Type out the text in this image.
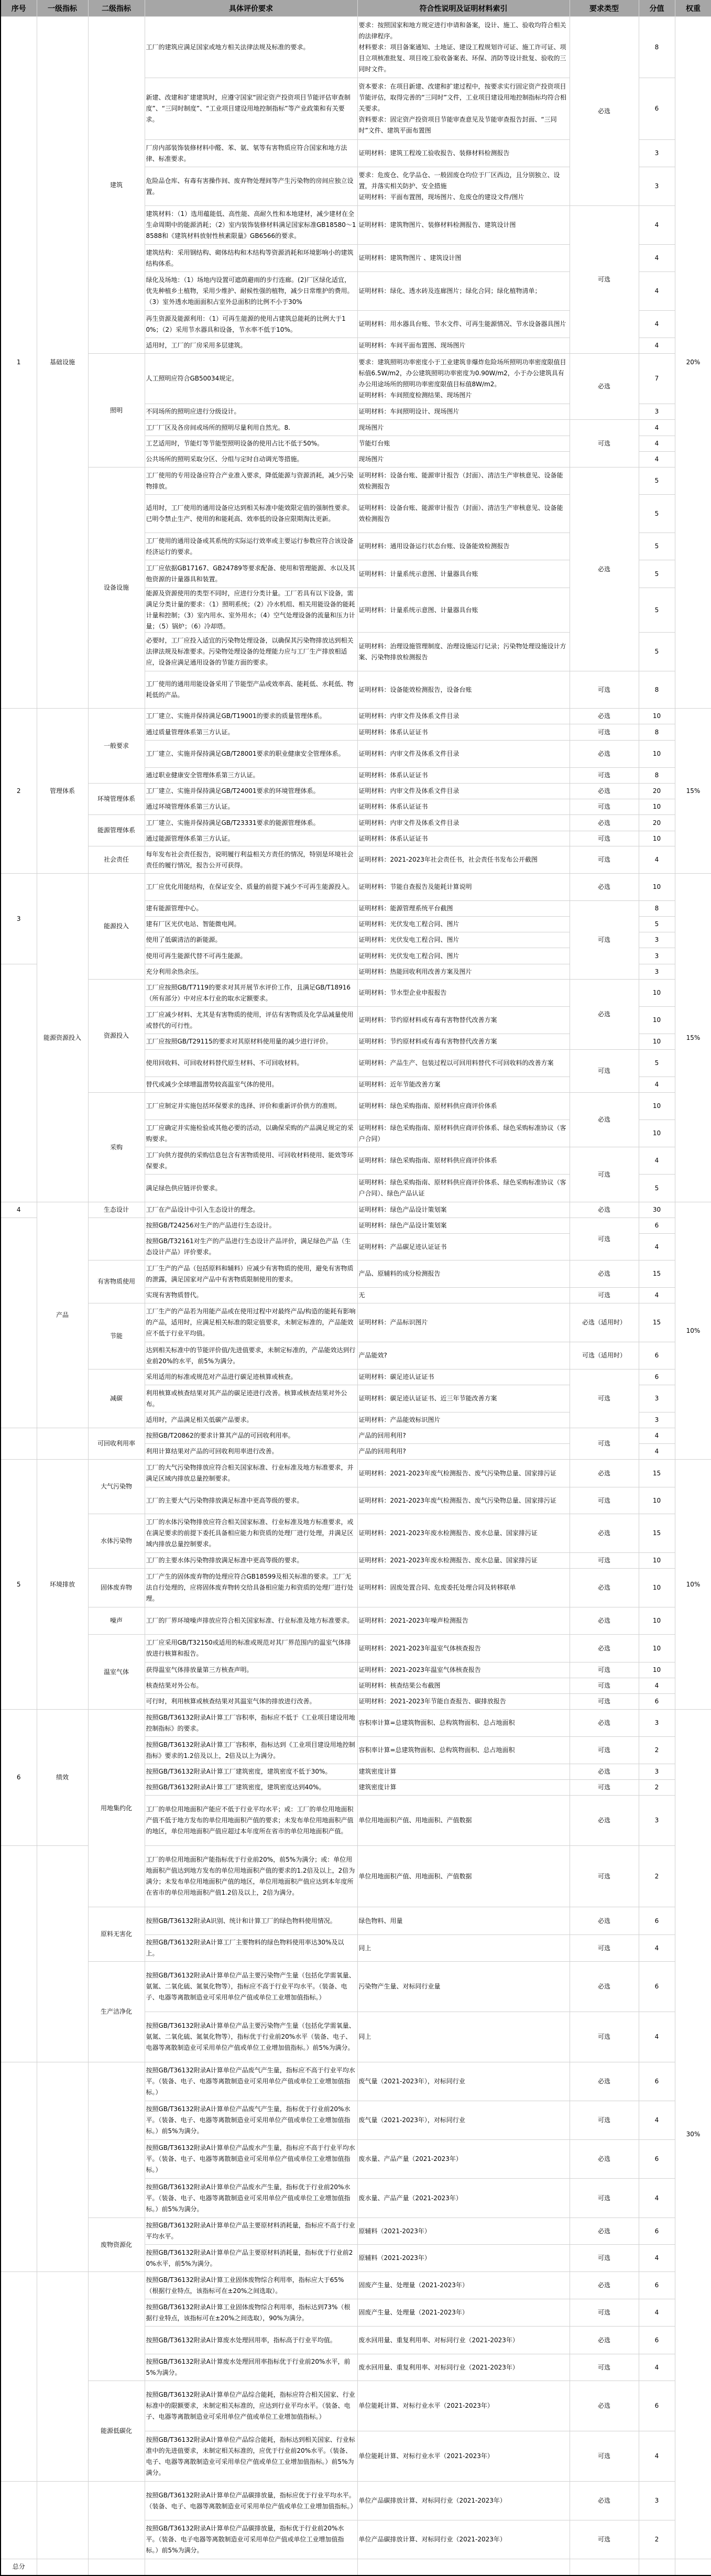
序号	一级指标	二级指标	具体评价要求	符合性说明及证明材料索引	要求类型	分值	权重
1	基础设施	建筑	工厂的建筑应满足国家或地方相关法律法规及标准的要求。	要求：按照国家和地方规定进行申请和备案，设计、施工、验收均符合相关的法律程序。
材料要求：项目备案通知、土地证、建设工程规划许可证、施工许可证、项目立项核准批复、项目竣工验收备案表、环保、消防等设计批复、验收的三同时文件。	必选	8	20%
			新建、改建和扩建建筑时，应遵守国家“固定资产投资项目节能评估审查制度”、“三同时制度”、“工业项目建设用地控制指标”等产业政策和有关要求。	资本要求：在项目新建、改建和扩建过程中，按要求实行固定资产投资项目节能评估，取得完善的“三同时”文件，工业项目建设用地控制指标均符合相关要求。
资料要求：固定资产投资项目节能审查意见及节能审查报告封面、“三同时”文件、建筑平面布置图		6	
			厂房内部装饰装修材料中醛、苯、氨、氡等有害物质应符合国家和地方法律、标准要求。	证明材料：建筑工程竣工验收报告、装修材料检测报告		3	
			危险品仓库、有毒有害操作间、废弃物处理间等产生污染物的房间应独立设置。	要求：危废仓、化学品仓、一般固废仓均位于厂区西边，且分别独立、设置，并落实相关防护、安全措施
证明材料：平面布置图，现场图片、危废仓的建设文件/图片		3	
			建筑材料：（1）选用蕴能低、高性能、高耐久性和本地建材，减少建材在全生命周期中的能源消耗；（2）室内装饰装修材料满足国家标准GB18580～18588和《建筑材料放射性核素限量》GB6566的要求。	证明材料：建筑物图片、装修材料检测报告、建筑设计图	可选	4	
			建筑结构：采用钢结构、砌体结构和木结构等资源消耗和环境影响小的建筑结构体系。	证明材料：建筑物图片 、建筑设计图		4	
			绿化及场地：（1）场地内设置可遮荫避雨的步行连廊。(2)厂区绿化适宜，优先种植乡土植物，采用少维护、耐候性强的植物，减少日常维护的费用。（3）室外透水地面面积占室外总面积的比例不小于30%	证明材料：绿化、透水砖及连廊图片；绿化合同；绿化植物清单；		4	
			再生资源及能源利用：（1）可再生能源的使用占建筑总能耗的比例大于10%；（2）采用节水器具和设备，节水率不低于10%。	证明材料：用水器具台账、节水文件、可再生能源情况、节水设备器具图片		4	
			适用时，工厂的厂房采用多层建筑。	证明材料：车间平面布置图、现场图片		4	
		照明	人工照明应符合GB50034规定。	要求：建筑照明功率密度小于工业建筑非爆炸危险场所照明功率密度限值目标值6.5W/m2，办公建筑照明功率密度为0.90W/m2，小于办公建筑具有办公用途场所的照明功率密度限值目标值8W/m2。
证明材料：车间照度检测结果、现场图片	必选	7	
			不同场所的照明应进行分级设计。	证明材料：车间照明设计、现场图片		3	
			工厂厂区及各房间或场所的照明尽量利用自然光。8.	现场图片	可选	4	
			工艺适用时，节能灯等节能型照明设备的使用占比不低于50%。	节能灯台账		4	
			公共场所的照明采取分区、分组与定时自动调光等措施。	现场图片		4	
		设备设施	工厂使用的专用设备应符合产业准入要求，降低能源与资源消耗，减少污染物排放。	证明材料：设备台账、能源审计报告（封面）、清洁生产审核意见、设备能效检测报告	必选	5	
			适用时，工厂使用的通用设备应达到相关标准中能效限定值的强制性要求。已明令禁止生产、使用的和能耗高、效率低的设备应限期淘汰更新。	证明材料：设备台账、能源审计报告（封面）、清洁生产审核意见、设备能效检测报告		5	
			工厂使用的通用设备或其系统的实际运行效率或主要运行参数应符合该设备经济运行的要求。	证明材料：通用设备运行状态台账、设备能效检测报告		5	
			工厂应依据GB17167、GB24789等要求配备、使用和管理能源、水以及其他资源的计量器具和装置。	证明材料：计量系统示意图、计量器具台账		5	
			能源及资源使用的类型不同时，应进行分类计量。工厂若具有以下设备，需满足分类计量的要求：（1）照明系统；（2）冷水机组、相关用能设备的能耗计量和控制；（3）室内用水、室外用水；（4）空气处理设备的流量和压力计量；（5）锅炉；（6）冷却塔。	证明材料：计量系统示意图、计量器具台账		5	
			必要时，工厂应投入适宜的污染物处理设备，以确保其污染物排放达到相关法律法规及标准要求。污染物处理设备的处理能力应与工厂生产排放相适应，设备应满足通用设备的节能方面的要求。	证明材料：治理设施管理制度、治理设施运行记录；污染物处理设施设计方案、污染物排放检测报告		5	
			工厂使用的通用用能设备采用了节能型产品或效率高、能耗低、水耗低、物耗低的产品。	证明材料：设备能效检测报告，设备台账	可选	8	
2	管理体系	一般要求	工厂建立、实施并保持满足GB/T19001的要求的质量管理体系。	证明材料：内审文件及体系文件目录	必选	10	15%
			通过质量管理体系第三方认证。	证明材料：体系认证证书	可选	8	
			工厂建立、实施并保持满足GB/T28001要求的职业健康安全管理体系。	证明材料：内审文件及体系文件目录	必选	10	
			通过职业健康安全管理体系第三方认证。	证明材料：体系认证证书	可选	8	
		环境管理体系	工厂建立、实施并保持满足GB/T24001要求的环境管理体系。	证明材料：内审文件及体系文件目录	必选	20	
			通过环境管理体系第三方认证。	证明材料：体系认证证书	可选	10	
		能源管理体系	工厂建立、实施并保持满足GB/T23331要求的能源管理体系。	证明材料：内审文件及体系文件目录	必选	20	
			通过能源管理体系第三方认证。	证明材料：体系认证证书	可选	10	
		社会责任	每年发布社会责任报告，说明履行利益相关方责任的情况，特别是环境社会责任的履行情况，报告公开可获得。	证明材料：2021-2023年社会责任书，社会责任书发布公开截图	可选	4	
3	能源资源投入	能源投入	工厂应优化用能结构，在保证安全、质量的前提下减少不可再生能源投入。	证明材料：节能自查报告及能耗计算说明	必选	10	15%
			建有能源管理中心。	证明材料：能源管理系统平台截图	可选	8	
			建有厂区光伏电站、智能微电网。	证明材料：光伏发电工程合同、图片		5	
			使用了低碳清洁的新能源。	证明材料：光伏发电工程合同、图片		3	
			使用可再生能源代替不可再生能源。	证明材料：光伏发电工程合同、图片		3	
			充分利用余热余压。	证明材料：热能回收利用改善方案及图片		3	
		资源投入	工厂应按照GB/T7119的要求对其开展节水评价工作，且满足GB/T18916（所有部分）中对应本行业的取水定额要求。	证明材料：节水型企业申报报告	必选	10	
			工厂应减少材料、尤其是有害物质的使用，评估有害物质及化学品减量使用或替代的可行性。	证明材料：节约原材料或有毒有害物替代改善方案		10	
			工厂应按照GB/T29115的要求对其原材料使用量的减少进行评价。	证明材料：节约原材料或有毒有害物替代改善方案		10	
			使用回收料、可回收材料替代原生材料、不可回收材料。	证明材料：产品生产、包装过程以可回用料替代不可回收料的改善方案	可选	5	
			替代或减少全球增温潜势较高温室气体的使用。	证明材料：近年节能改善方案		4	
		采购	工厂应制定并实施包括环保要求的选择、评价和重新评价供方的准则。	证明材料：绿色采购指南、原材料供应商评价体系	必选	10	
			工厂应确定并实施检验或其他必要的活动，以确保采购的产品满足规定的采购要求。	证明材料：绿色采购指南、原材料供应商评价体系、绿色采购标准协议（客户合同）		10	
			工厂向供方提供的采购信息包含有害物质使用、可回收材料使用、能效等环保要求。	证明材料：绿色采购指南、原材料供应商评价体系	可选	4	
			满足绿色供应链评价要求。	证明材料：绿色采购指南、原材料供应商评价体系、绿色采购标准协议（客户合同）、绿色产品认证		5	
4	产品	生态设计	工厂在产品设计中引入生态设计的理念。	证明材料：绿色产品设计策划案	必选	30	10%
			按照GB/T24256对生产的产品进行生态设计。	证明材料：绿色产品设计策划案	可选	6	
			按照GB/T32161对生产的产品进行生态设计产品评价，满足绿色产品（生态设计产品）评价要求。	证明材料：产品碳足迹认证证书		4	
		有害物质使用	工厂生产的产品（包括原料和辅料）应减少有害物质的使用，避免有害物质的泄露，满足国家对产品中有害物质限制使用的要求。	产品、原辅料的成分检测报告	必选	15	
			实现有害物质替代。	无	可选	4	
		节能	工厂生产的产品若为用能产品或在使用过程中对最终产品/构造的能耗有影响的产品，适用时，应满足相关标准的限定值要求，未制定标准的，产品能效应不低于行业平均值。	证明材料：产品标识图片	必选（适用时）	15	
			达到相关标准中的节能评价值/先进值要求，未制定标准的，产品能效达到行业前20%的水平，前5%为满分。	产品能效?	可选（适用时）	6	
		减碳	采用适用的标准或规范对产品进行碳足迹核算或核查。	证明材料：碳足迹认证证书	可选	6	
			利用核算或核查结果对其产品的碳足迹进行改善。核算或核查结果对外公布。	证明材料：碳足迹认证证书、近三年节能改善方案		3	
			适用时，产品满足相关低碳产品要求。	证明材料：产品能效标识图片		3	
		可回收利用率	按照GB/T20862的要求计算其产品的可回收利用率。	产品的回用利用?	可选	4	
			利用计算结果对产品的可回收利用率进行改善。	产品的回用利用?		4	
5	环境排放	大气污染物	工厂的大气污染物排放应符合相关国家标准、行业标准及地方标准要求，并满足区域内排放总量控制要求。	证明材料：2021-2023年废气检测报告、废气污染物总量、国家排污证	必选	15	10%
			工厂的主要大气污染物排放满足标准中更高等级的要求。	证明材料：2021-2023年废气检测报告、废气污染物总量、国家排污证	可选	10	
		水体污染物	工厂的水体污染物排放应符合相关国家标准、行业标准及地方标准要求，或在满足要求的前提下委托具备相应能力和资质的处理厂进行处理，并满足区域内排放总量控制要求。	证明材料：2021-2023年废水检测报告、废水总量、国家排污证	必选	15	
			工厂的主要水体污染物排放满足标准中更高等级的要求。	证明材料：2021-2023年废水检测报告、废水总量、国家排污证	可选	10	
		固体废弃物	工厂产生的固体废弃物的处理应符合GB18599及相关标准的要求。工厂无法自行处理的，应将固体废弃物转交给具备相应能力和资质的处理厂进行处理。	证明材料：固废处置合同、危废委托处理合同及转移联单	必选	10	
		噪声	工厂的厂界环境噪声排放应符合相关国家标准、行业标准及地方标准要求。	证明材料：2021-2023年噪声检测报告	必选	10	
		温室气体	工厂应采用GB/T32150或适用的标准或规范对其厂界范围内的温室气体排放进行核算和报告。	证明材料：2021-2023年温室气体核查报告	必选	10	
			获得温室气体排放量第三方核查声明。	证明材料：2021-2023年温室气体核查报告	可选	10	
			核查结果对外公布。	证明材料：核查结果公布截图	可选	4	
			可行时，利用核算或核查结果对其温室气体的排放进行改善。	证明材料：2021-2023年节能自查报告、碳排放报告	可选	6	
6	绩效	用地集约化	按照GB/T36132附录A计算工厂容积率，指标应不低于《工业项目建设用地控制指标》的要求。	容积率计算=总建筑物面积、总构筑物面积、总占地面积	必选	3	30%
			按照GB/T36132附录A计算工厂容积率，指标达到《工业项目建设用地控制指标》要求的1.2倍及以上，2倍及以上为满分。	容积率计算=总建筑物面积、总构筑物面积、总占地面积	可选	2	
			按照GB/T36132附录A计算工厂建筑密度，建筑密度不低于30%。	建筑密度计算	必选	3	
			按照GB/T36132附录A计算工厂建筑密度，建筑密度达到40%。	建筑密度计算	可选	2	
			工厂的单位用地面积产能应不低于行业平均水平；或：工厂的单位用地面积产值不低于地方发布的单位用地面积产值的要求；未发布单位用地面积产值的地区，单位用地面积产值应超过本年度所在省市的单位用地面积产值。	单位用地面积产值、用地面积、产值数据	必选	3	
			工厂的单位用地面积产能指标优于行业前20%，前5%为满分；或：单位用地面积产值达到地方发布的单位用地面积产值的要求的1.2倍及以上，2倍为满分；未发布单位用地面积产值的地区，单位用地面积产值应达到本年度所在省市的单位用地面积产值1.2倍及以上，2倍为满分。	单位用地面积产值、用地面积、产值数据	可选	2	
		原料无害化	按照GB/T36132附录A识别、统计和计算工厂的绿色物料使用情况。	绿色物料、用量	必选	6	
			按照GB/T36132附录A计算工厂主要物料的绿色物料使用率达30%及以上。	同上	可选	4	
		生产洁净化	按照GB/T36132附录A计算单位产品主要污染物产生量（包括化学需氧量、氨氮、二氧化硫、氮氧化物等），指标应不高于行业平均水平。（装备、电子、电器等离散制造业可采用单位产值或单位工业增加值指标。）	污染物产生量、对标同行业量	必选	6	
			按照GB/T36132附录A计算单位产品主要污染物产生量（包括化学需氧量、氨氮、二氧化硫、氮氧化物等），指标优于行业前20%水平（装备、电子、电器等离散制造业可采用单位产值或单位工业增加值指标。）前5%为满分。	同上	可选	4	
			按照GB/T36132附录A计算单位产品废气产生量，指标应不高于行业平均水平。（装备、电子、电器等离散制造业可采用单位产值或单位工业增加值指标。）	废气量（2021-2023年），对标同行业	必选	6	
			按照GB/T36132附录A计算单位产品废气产生量，指标优于行业前20%水平。（装备、电子、电器等离散制造业可采用单位产值或单位工业增加值指标。）前5%为满分。	废气量（2021-2023年），对标同行业	可选	4	
			按照GB/T36132附录A计算单位产品废水产生量，指标应不高于行业平均水平。（装备、电子、电器等离散制造业可采用单位产值或单位工业增加值指标。）	废水量、产品产量（2021-2023年）	必选	6	
			按照GB/T36132附录A计算单位产品废水产生量，指标优于行业前20%水平。（装备、电子、电器等离散制造业可采用单位产值或单位工业增加值指标。）前5%为满分。	废水量、产品产量（2021-2023年）	可选	4	
		废物资源化	按照GB/T36132附录A计算单位产品主要原材料消耗量，指标应不高于行业平均水平。	原辅料（2021-2023年）	必选	6	
			按照GB/T36132附录A计算单位产品主要原材料消耗量，指标优于行业前20%水平，前5%为满分。	原辅料（2021-2023年）	可选	4	
			按照GB/T36132附录A计算工业固体废物综合利用率，指标应大于65%（根据行业特点，该指标可在±20%之间选取）。	固废产生量、处理量（2021-2023年）	必选	6	
			按照GB/T36132附录A计算工业固体废物综合利用率，指标达到73%（根据行业特点，该指标可在±20%之间选取），90%为满分。	固废产生量、处理量（2021-2023年）	可选	4	
			按照GB/T36132附录A计算废水处理回用率，指标高于行业平均值。	废水回用量、重复利用率、对标同行业（2021-2023年）	必选	6	
			按照GB/T36132附录A计算废水处理回用率指标优于行业前20%水平，前5%为满分。	废水回用量、重复利用率、对标同行业（2021-2023年）	可选	4	
		能源低碳化	按照GB/T36132附录A计算单位产品综合能耗，指标应符合相关国家、行业标准中的限额要求，未制定相关标准的，应达到行业平均水平。（装备、电子、电器等离散制造业可采用单位产值或单位工业增加值指标。）	单位能耗计算、对标行业水平（2021-2023年）	必选	6	
			按照GB/T36132附录A计算单位产品综合能耗，指标达到相关国家、行业标准中的先进值要求，未制定相关标准的，应优于行业前20%水平。（装备、电子、电器等离散制造业可采用单位产值或单位工业增加值指标。）前5%为满分。	单位能耗计算、对标行业水平（2021-2023年）	可选	4	
			按照GB/T36132附录A计算单位产品碳排放量，指标应优于行业平均水平。（装备、电子、电器等离散制造业可采用单位产值或单位工业增加值指标。）	单位产品碳排放计算、对标同行业（2021-2023年）	必选	3	
			按照GB/T36132附录A计算单位产品碳排放量，指标优于行业前20%水平。（装备、电子电器等离散制造业可采用单位产值或单位工业增加值指标。）前5%为满分。	单位产品碳排放计算、对标同行业（2021-2023年）	可选	2	
总分							
